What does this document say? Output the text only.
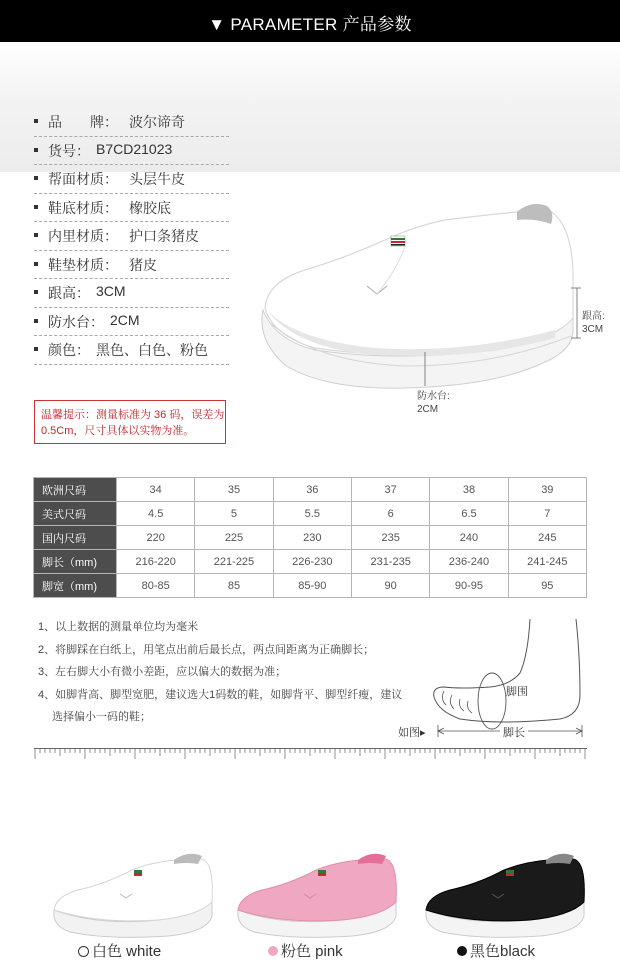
▼ PARAMETER 产品参数
品　　牌： 波尔谛奇
货号： B7CD21023
帮面材质： 头层牛皮
鞋底材质： 橡胶底
内里材质： 护口条猪皮
鞋垫材质： 猪皮
跟高： 3CM
防水台： 2CM
颜色： 黑色、白色、粉色
温馨提示：测量标准为 36 码，误差为 0.5Cm，尺寸具体以实物为准。
跟高:
3CM
防水台:
2CM
欧洲尺码	34	35	36	37	38	39
美式尺码	4.5	5	5.5	6	6.5	7
国内尺码	220	225	230	235	240	245
脚长（mm)	216-220	221-225	226-230	231-235	236-240	241-245
脚宽（mm)	80-85	85	85-90	90	90-95	95
1、以上数据的测量单位均为毫米
2、将脚踩在白纸上，用笔点出前后最长点，两点间距离为正确脚长；
3、左右脚大小有微小差距，应以偏大的数据为准；
4、如脚背高、脚型宽肥，建议选大1码数的鞋，如脚背平、脚型纤瘦，建议
选择偏小一码的鞋；
脚围
如图▸	脚长
白色 white	粉色 pink	黑色black
